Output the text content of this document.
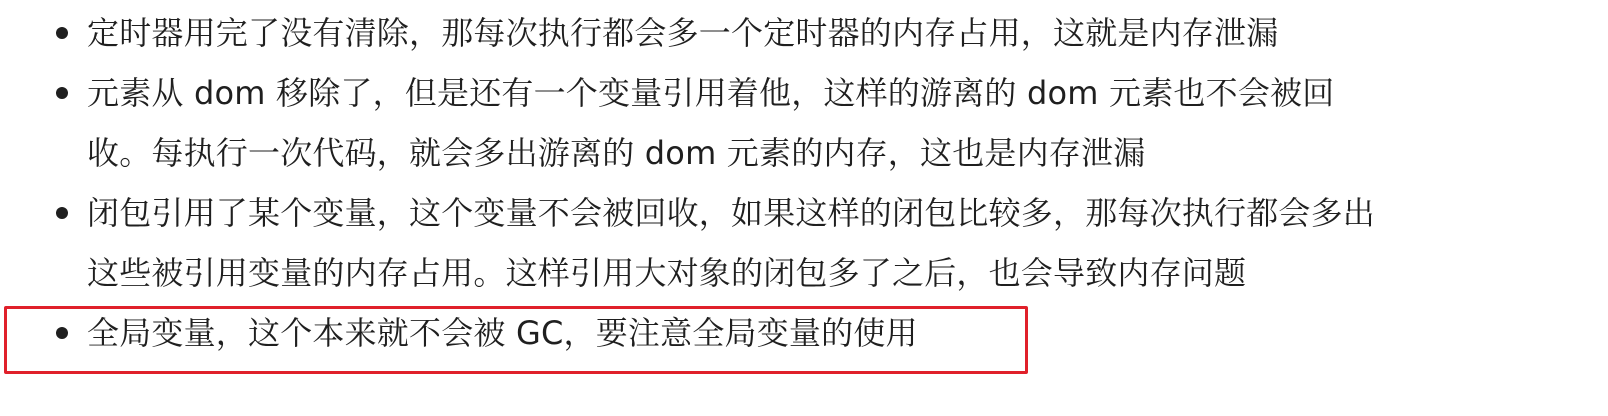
定时器用完了没有清除，那每次执行都会多一个定时器的内存占用，这就是内存泄漏
元素从 dom 移除了，但是还有一个变量引用着他，这样的游离的 dom 元素也不会被回
收。每执行一次代码，就会多出游离的 dom 元素的内存，这也是内存泄漏
闭包引用了某个变量，这个变量不会被回收，如果这样的闭包比较多，那每次执行都会多出
这些被引用变量的内存占用。这样引用大对象的闭包多了之后，也会导致内存问题
全局变量，这个本来就不会被 GC，要注意全局变量的使用
